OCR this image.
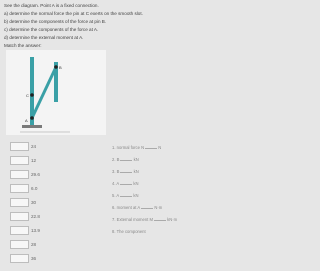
See the diagram. Point A is a fixed connection.
a) determine the normal force the pin at C exerts on the smooth slot.
b) determine the components of the force at pin B.
c) determine the components of the force at A.
d) determine the external moment at A.
Match the answer:
C
B
A
24
12
29.6
6.0
30
22.8
13.9
28
36
1. normal force N	N
2. B	kN
3. B	kN
4. A	kN
5. A	kN
6. moment at A	N·m
7. External moment M	kN·m
8. The component
